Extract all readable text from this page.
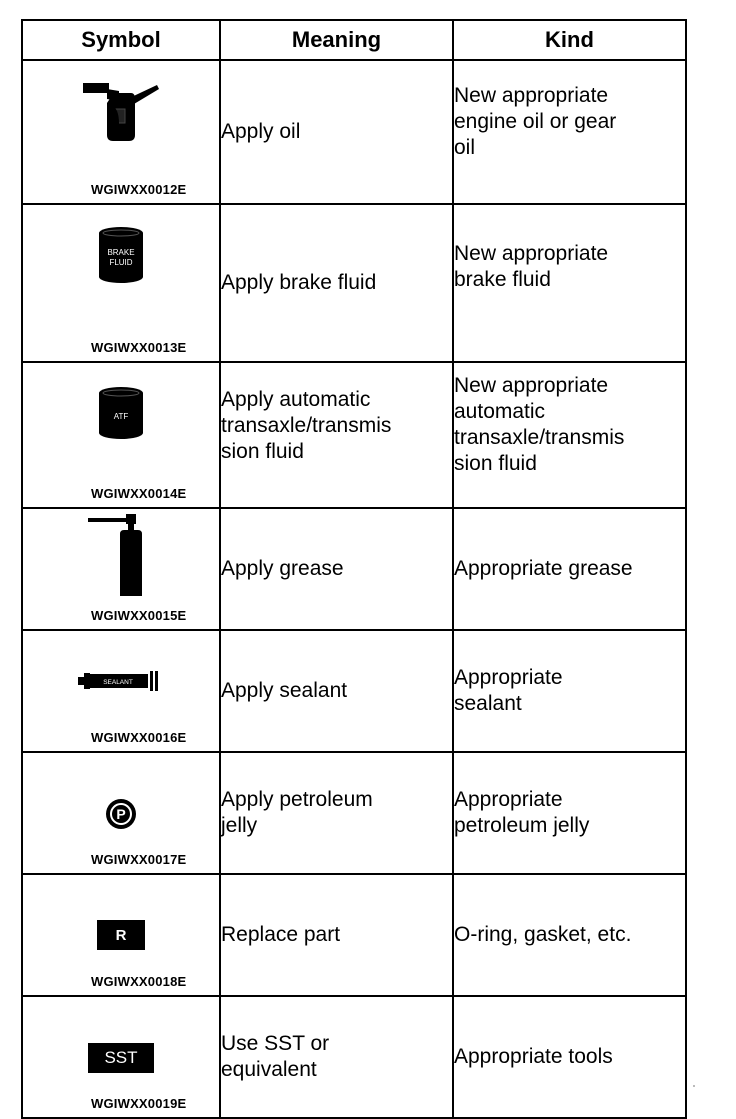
Symbol	Meaning	Kind

WGIWXX0012E	Apply oil	New appropriate
engine oil or gear
oil

BRAKE
FLUID
WGIWXX0013E	Apply brake fluid	New appropriate
brake fluid

ATF
WGIWXX0014E	Apply automatic
transaxle/transmis
sion fluid	New appropriate
automatic
transaxle/transmis
sion fluid

GREASE
WGIWXX0015E	Apply grease	Appropriate grease

SEALANT
WGIWXX0016E	Apply sealant	Appropriate
sealant

P
WGIWXX0017E	Apply petroleum
jelly	Appropriate
petroleum jelly

R
WGIWXX0018E	Replace part	O-ring, gasket, etc.

SST
WGIWXX0019E	Use SST or
equivalent	Appropriate tools
